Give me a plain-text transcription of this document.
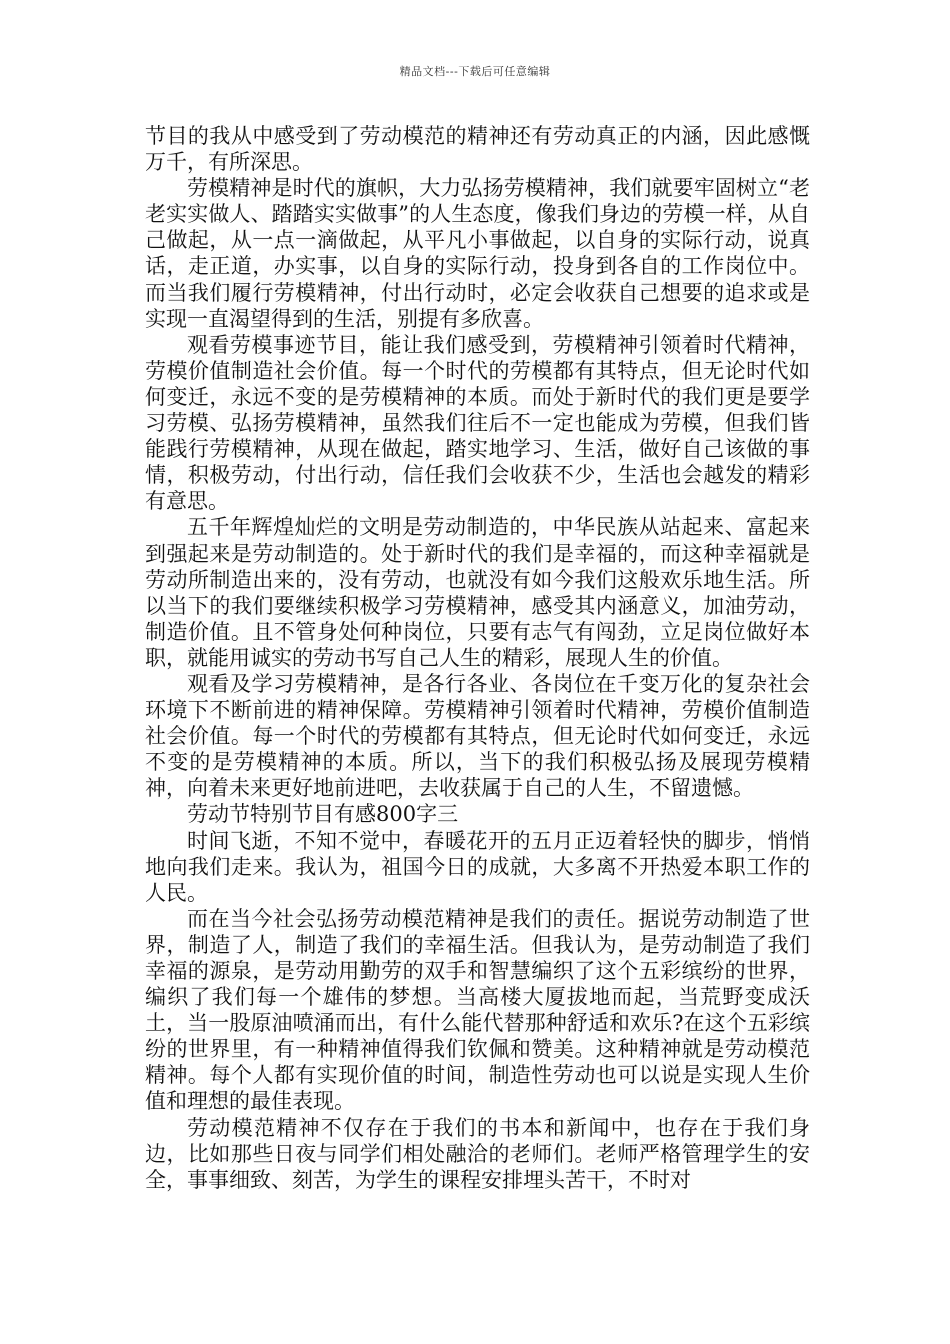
精品文档---下载后可任意编辑

节目的我从中感受到了劳动模范的精神还有劳动真正的内涵，因此感慨万千，有所深思。

劳模精神是时代的旗帜，大力弘扬劳模精神，我们就要牢固树立“老老实实做人、踏踏实实做事”的人生态度，像我们身边的劳模一样，从自己做起，从一点一滴做起，从平凡小事做起，以自身的实际行动，说真话，走正道，办实事，以自身的实际行动，投身到各自的工作岗位中。而当我们履行劳模精神，付出行动时，必定会收获自己想要的追求或是实现一直渴望得到的生活，别提有多欣喜。

观看劳模事迹节目，能让我们感受到，劳模精神引领着时代精神，劳模价值制造社会价值。每一个时代的劳模都有其特点，但无论时代如何变迁，永远不变的是劳模精神的本质。而处于新时代的我们更是要学习劳模、弘扬劳模精神，虽然我们往后不一定也能成为劳模，但我们皆能践行劳模精神，从现在做起，踏实地学习、生活，做好自己该做的事情，积极劳动，付出行动，信任我们会收获不少，生活也会越发的精彩有意思。

五千年辉煌灿烂的文明是劳动制造的，中华民族从站起来、富起来到强起来是劳动制造的。处于新时代的我们是幸福的，而这种幸福就是劳动所制造出来的，没有劳动，也就没有如今我们这般欢乐地生活。所以当下的我们要继续积极学习劳模精神，感受其内涵意义，加油劳动，制造价值。且不管身处何种岗位，只要有志气有闯劲，立足岗位做好本职，就能用诚实的劳动书写自己人生的精彩，展现人生的价值。

观看及学习劳模精神，是各行各业、各岗位在千变万化的复杂社会环境下不断前进的精神保障。劳模精神引领着时代精神，劳模价值制造社会价值。每一个时代的劳模都有其特点，但无论时代如何变迁，永远不变的是劳模精神的本质。所以，当下的我们积极弘扬及展现劳模精神，向着未来更好地前进吧，去收获属于自己的人生，不留遗憾。

劳动节特别节目有感800字三

时间飞逝，不知不觉中，春暖花开的五月正迈着轻快的脚步，悄悄地向我们走来。我认为，祖国今日的成就，大多离不开热爱本职工作的人民。

而在当今社会弘扬劳动模范精神是我们的责任。据说劳动制造了世界，制造了人，制造了我们的幸福生活。但我认为，是劳动制造了我们幸福的源泉，是劳动用勤劳的双手和智慧编织了这个五彩缤纷的世界，编织了我们每一个雄伟的梦想。当高楼大厦拔地而起，当荒野变成沃土，当一股原油喷涌而出，有什么能代替那种舒适和欢乐?在这个五彩缤纷的世界里，有一种精神值得我们钦佩和赞美。这种精神就是劳动模范精神。每个人都有实现价值的时间，制造性劳动也可以说是实现人生价值和理想的最佳表现。

劳动模范精神不仅存在于我们的书本和新闻中，也存在于我们身边，比如那些日夜与同学们相处融洽的老师们。老师严格管理学生的安全，事事细致、刻苦，为学生的课程安排埋头苦干，不时对
